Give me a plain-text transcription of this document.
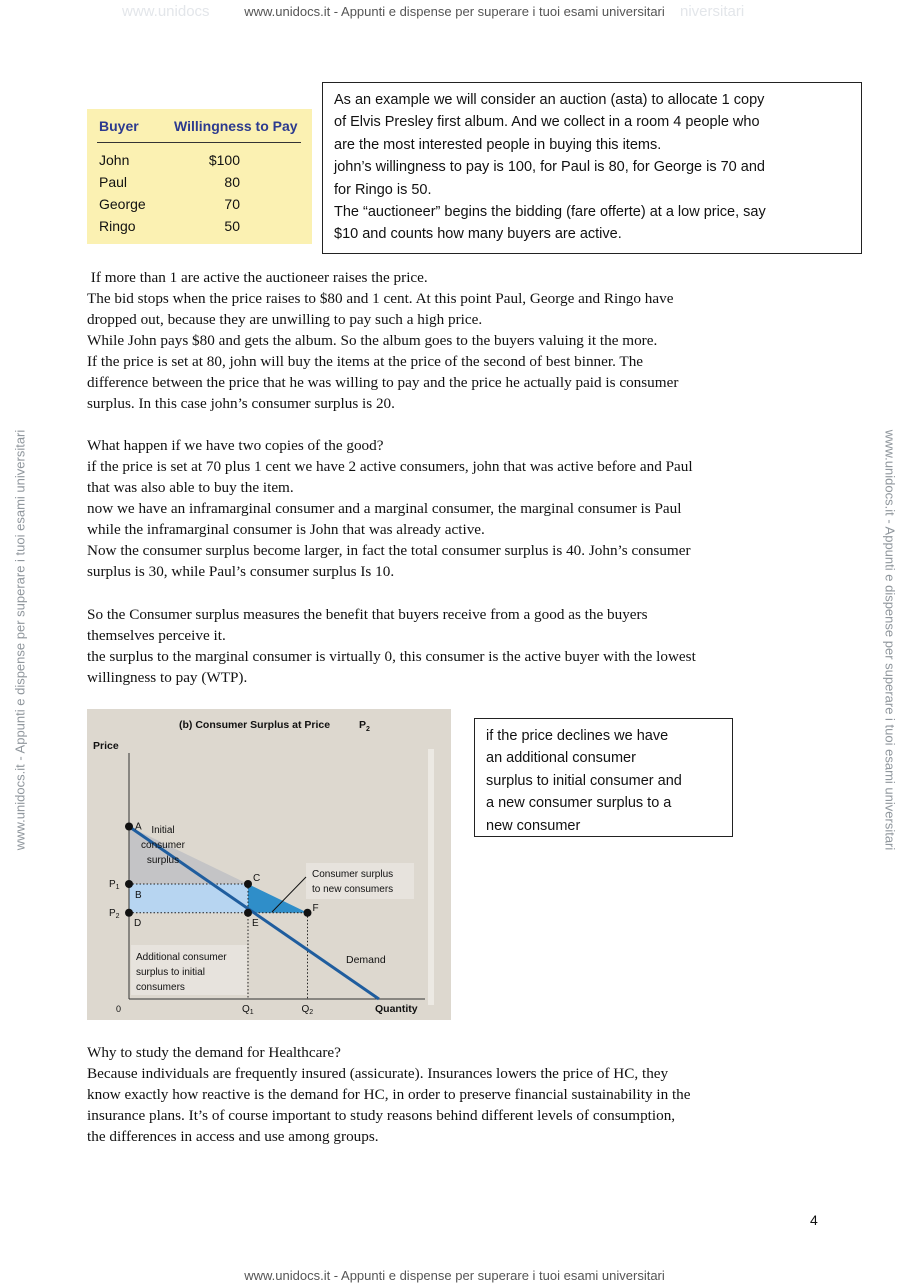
www.unidocs	niversitari
www.unidocs.it - Appunti e dispense per superare i tuoi esami universitari
www.unidocs.it - Appunti e dispense per superare i tuoi esami universitari
www.unidocs.it - Appunti e dispense per superare i tuoi esami universitari	www.unidocs.it - Appunti e dispense per superare i tuoi esami universitari
Buyer	Willingness to Pay
John	$100
Paul	80
George	70
Ringo	50

As an example we will consider an auction (asta) to allocate 1 copy

of Elvis Presley first album. And we collect in a room 4 people who

are the most interested people in buying this items.

john’s willingness to pay is 100, for Paul is 80, for George is 70 and

for Ringo is 50.

The “auctioneer” begins the bidding (fare offerte) at a low price, say

$10 and counts how many buyers are active.

If more than 1 are active the auctioneer raises the price.

The bid stops when the price raises to $80 and 1 cent. At this point Paul, George and Ringo have

dropped out, because they are unwilling to pay such a high price.

While John pays $80 and gets the album. So the album goes to the buyers valuing it the more.

If the price is set at 80, john will buy the items at the price of the second of best binner. The

difference between the price that he was willing to pay and the price he actually paid is consumer

surplus. In this case john’s consumer surplus is 20.

What happen if we have two copies of the good?

if the price is set at 70 plus 1 cent we have 2 active consumers, john that was active before and Paul

that was also able to buy the item.

now we have an inframarginal consumer and a marginal consumer, the marginal consumer is Paul

while the inframarginal consumer is John that was already active.

Now the consumer surplus become larger, in fact the total consumer surplus is 40. John’s consumer

surplus is 30, while Paul’s consumer surplus Is 10.

So the Consumer surplus measures the benefit that buyers receive from a good as the buyers

themselves perceive it.

the surplus to the marginal consumer is virtually 0, this consumer is the active buyer with the lowest

willingness to pay (WTP).

(b) Consumer Surplus at Price	$P_2$
Price
Quantity
0
$P_1$
$P_2$
$Q_1$	$Q_2$
A
B
C
D	E
F
Initial
consumer
surplus
Consumer surplus
to new consumers
Additional consumer
surplus to initial
consumers
Demand

if the price declines we have

an additional consumer

surplus to initial consumer and

a new consumer surplus to a

new consumer

Why to study the demand for Healthcare?

Because individuals are frequently insured (assicurate). Insurances lowers the price of HC, they

know exactly how reactive is the demand for HC, in order to preserve financial sustainability in the

insurance plans. It’s of course important to study reasons behind different levels of consumption,

the differences in access and use among groups.

4
